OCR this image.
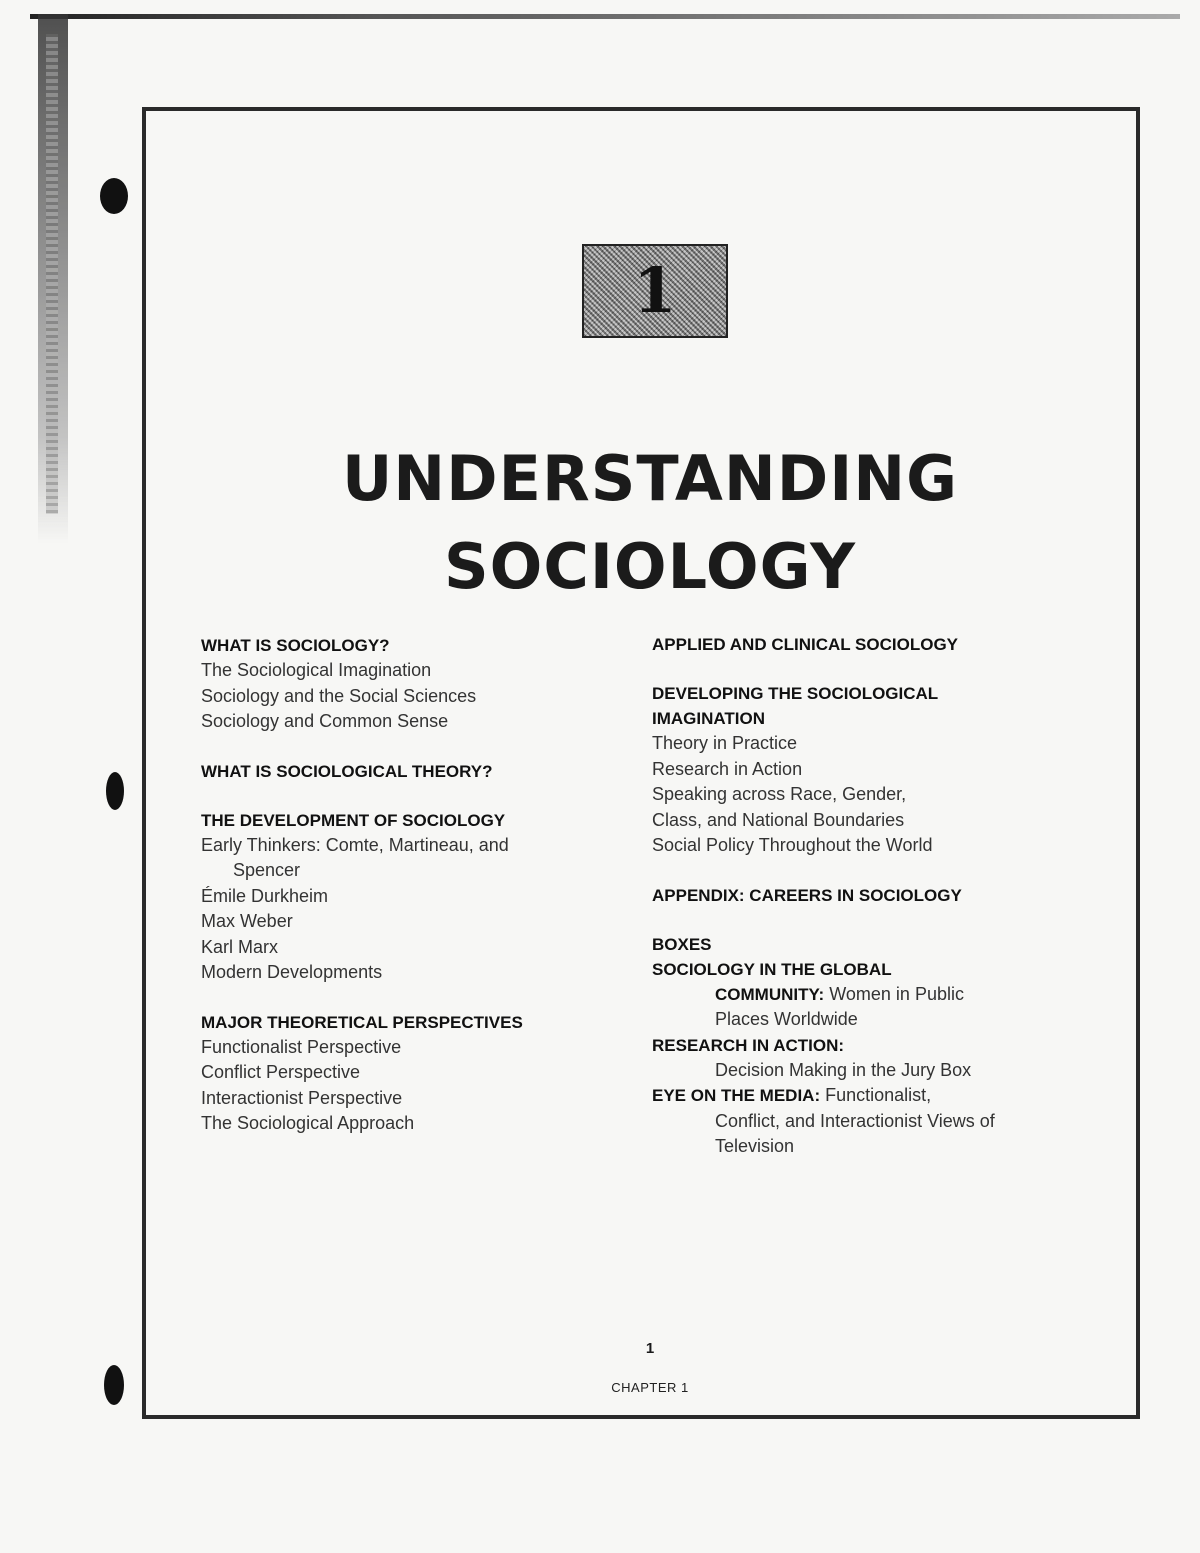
1
UNDERSTANDING
SOCIOLOGY
WHAT IS SOCIOLOGY?
The Sociological Imagination
Sociology and the Social Sciences
Sociology and Common Sense
WHAT IS SOCIOLOGICAL THEORY?
THE DEVELOPMENT OF SOCIOLOGY
Early Thinkers: Comte, Martineau, and
Spencer
Émile Durkheim
Max Weber
Karl Marx
Modern Developments
MAJOR THEORETICAL PERSPECTIVES
Functionalist Perspective
Conflict Perspective
Interactionist Perspective
The Sociological Approach
APPLIED AND CLINICAL SOCIOLOGY
DEVELOPING THE SOCIOLOGICAL
IMAGINATION
Theory in Practice
Research in Action
Speaking across Race, Gender,
Class, and National Boundaries
Social Policy Throughout the World
APPENDIX: CAREERS IN SOCIOLOGY
BOXES
SOCIOLOGY IN THE GLOBAL
COMMUNITY: Women in Public
Places Worldwide
RESEARCH IN ACTION:
Decision Making in the Jury Box
EYE ON THE MEDIA: Functionalist,
Conflict, and Interactionist Views of
Television
1
CHAPTER 1
